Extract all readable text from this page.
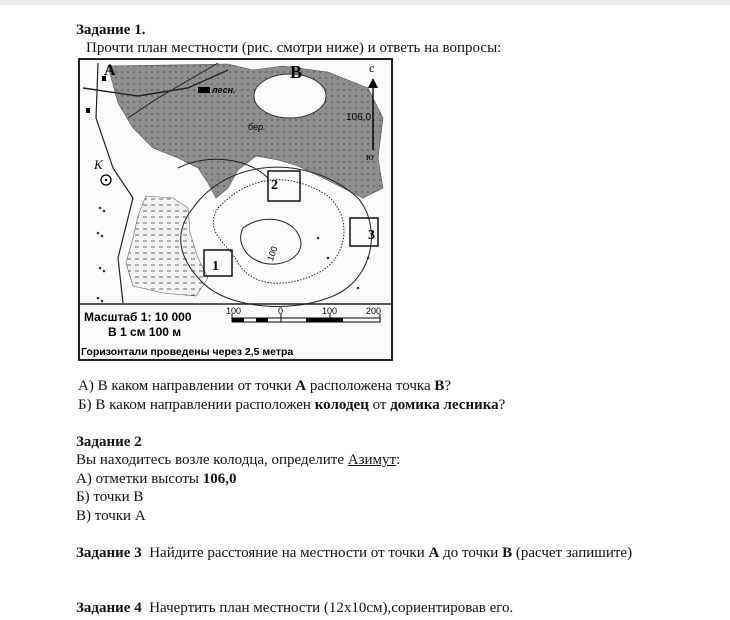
Задание 1.
Прочти план местности (рис. смотри ниже) и ответь на вопросы:
1
2
3
А	В
К
лесн.
бер.
106,0
100
с
ю
Масштаб 1: 10 000
В 1 см 100 м
Горизонтали проведены через 2,5 метра
100	0	100	200
А) В каком направлении от точки А расположена точка В?
Б) В каком направлении расположен колодец от домика лесника?
Задание 2
Вы находитесь возле колодца, определите Азимут:
А) отметки высоты 106,0
Б) точки В
В) точки А
Задание 3 Найдите расстояние на местности от точки А до точки В (расчет запишите)
Задание 4 Начертить план местности (12х10см),сориентировав его.
